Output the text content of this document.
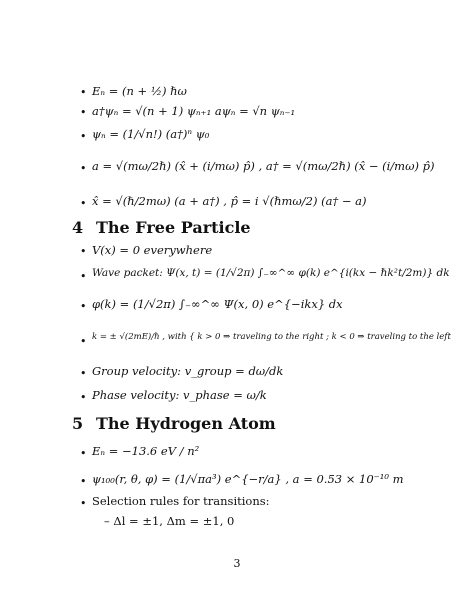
• Eₙ = (n + ½) ℏω
• a†ψₙ = √(n + 1) ψₙ₊₁ aψₙ = √n ψₙ₋₁
• ψₙ = (1/√n!) (a†)ⁿ ψ₀
• a = √(mω/2ℏ) (x̂ + (i/mω) p̂) , a† = √(mω/2ℏ) (x̂ − (i/mω) p̂)
• x̂ = √(ℏ/2mω) (a + a†) , p̂ = i √(ℏmω/2) (a† − a)
4 The Free Particle
• V(x) = 0 everywhere
• Wave packet: Ψ(x, t) = (1/√2π) ∫₋∞^∞ φ(k) e^{i(kx − ℏk²t/2m)} dk
• φ(k) = (1/√2π) ∫₋∞^∞ Ψ(x, 0) e^{−ikx} dx
• k = ± √(2mE)/ℏ , with { k > 0 ⇒ traveling to the right ; k < 0 ⇒ traveling to the left
• Group velocity: v_group = dω/dk
• Phase velocity: v_phase = ω/k
5 The Hydrogen Atom
• Eₙ = −13.6 eV / n²
• ψ₁₀₀(r, θ, φ) = (1/√πa³) e^{−r/a} , a = 0.53 × 10⁻¹⁰ m
• Selection rules for transitions:
– Δl = ±1, Δm = ±1, 0
3
